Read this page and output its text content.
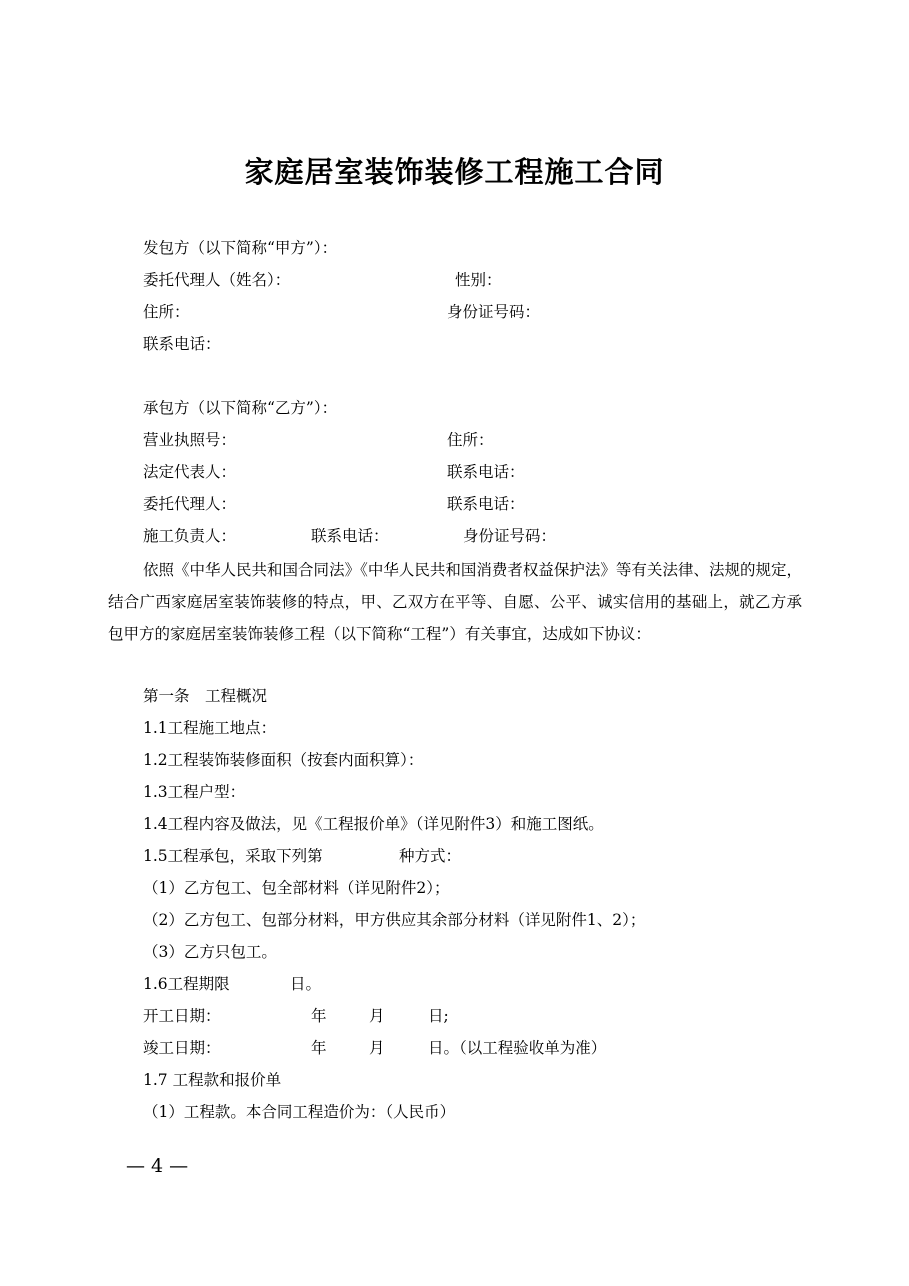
家庭居室装饰装修工程施工合同
发包方（以下简称“甲方”）：
委托代理人（姓名）：	性别：
住所：	身份证号码：
联系电话：
承包方（以下简称“乙方”）：
营业执照号：	住所：
法定代表人：	联系电话：
委托代理人：	联系电话：
施工负责人：	联系电话：	身份证号码：
依照《中华人民共和国合同法》《中华人民共和国消费者权益保护法》等有关法律、法规的规定，结合广西家庭居室装饰装修的特点，甲、乙双方在平等、自愿、公平、诚实信用的基础上，就乙方承包甲方的家庭居室装饰装修工程（以下简称“工程”）有关事宜，达成如下协议：
第一条　工程概况
1.1工程施工地点：
1.2工程装饰装修面积（按套内面积算）：
1.3工程户型：
1.4工程内容及做法，见《工程报价单》（详见附件3）和施工图纸。
1.5工程承包，采取下列第	种方式：
（1）乙方包工、包全部材料（详见附件2）；
（2）乙方包工、包部分材料，甲方供应其余部分材料（详见附件1、2）；
（3）乙方只包工。
1.6工程期限	日。
开工日期：	年	月	日;
竣工日期：	年	月	日。（以工程验收单为准）
1.7 工程款和报价单
（1）工程款。本合同工程造价为：（人民币）
— 4 —
